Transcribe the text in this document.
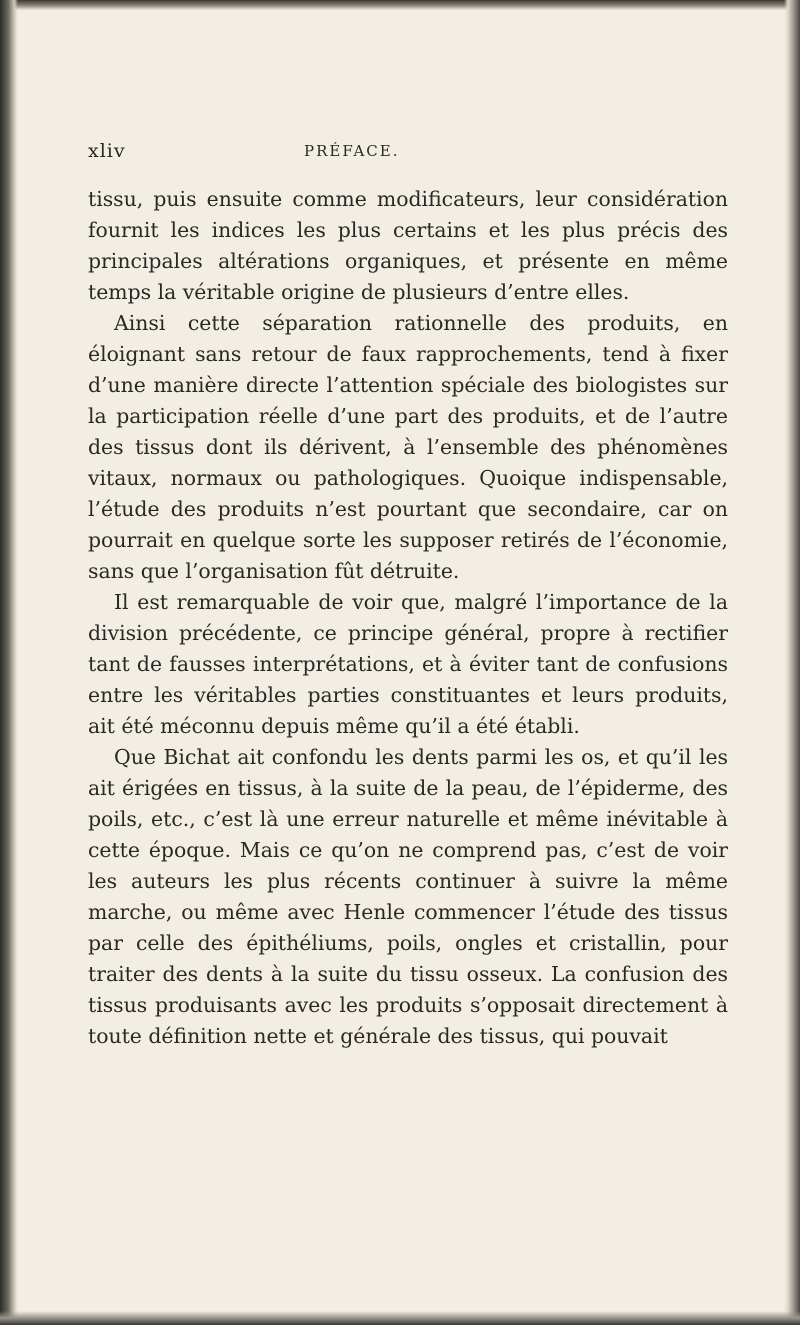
xliv	PRÉFACE.

tissu, puis ensuite comme modificateurs, leur considération fournit les indices les plus certains et les plus précis des principales altérations organiques, et présente en même temps la véritable origine de plusieurs d’entre elles.

Ainsi cette séparation rationnelle des produits, en éloignant sans retour de faux rapprochements, tend à fixer d’une manière directe l’attention spéciale des biologistes sur la participation réelle d’une part des produits, et de l’autre des tissus dont ils dérivent, à l’ensemble des phénomènes vitaux, normaux ou pathologiques. Quoique indispensable, l’étude des produits n’est pourtant que secondaire, car on pourrait en quelque sorte les supposer retirés de l’économie, sans que l’organisation fût détruite.

Il est remarquable de voir que, malgré l’importance de la division précédente, ce principe général, propre à rectifier tant de fausses interprétations, et à éviter tant de confusions entre les véritables parties constituantes et leurs produits, ait été méconnu depuis même qu’il a été établi.

Que Bichat ait confondu les dents parmi les os, et qu’il les ait érigées en tissus, à la suite de la peau, de l’épiderme, des poils, etc., c’est là une erreur naturelle et même inévitable à cette époque. Mais ce qu’on ne comprend pas, c’est de voir les auteurs les plus récents continuer à suivre la même marche, ou même avec Henle commencer l’étude des tissus par celle des épithéliums, poils, ongles et cristallin, pour traiter des dents à la suite du tissu osseux. La confusion des tissus produisants avec les produits s’opposait directement à toute définition nette et générale des tissus, qui pouvait
